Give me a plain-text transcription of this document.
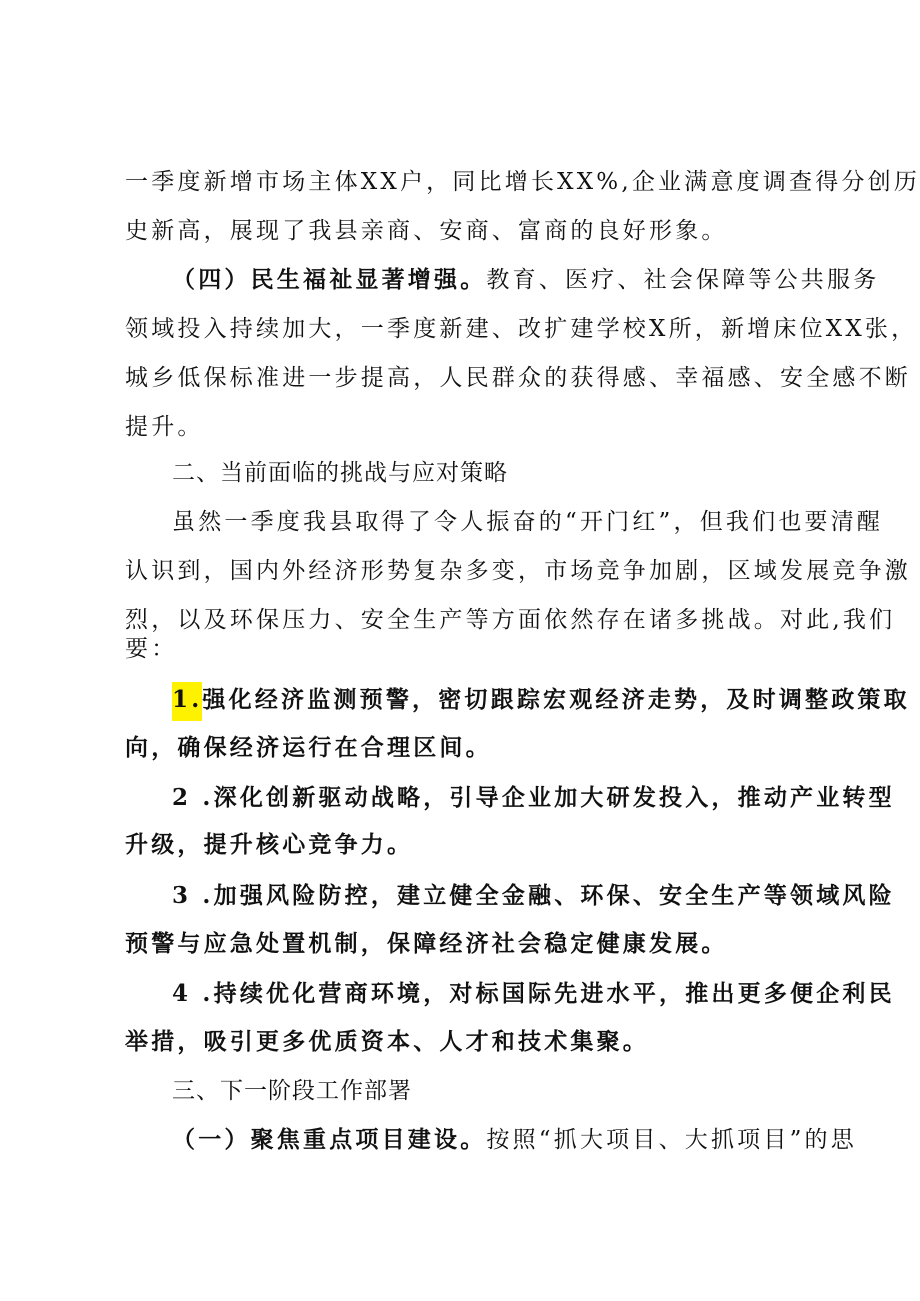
一季度新增市场主体XX户，同比增长XX%,企业满意度调查得分创历
史新高，展现了我县亲商、安商、富商的良好形象。
（四）民生福祉显著增强。教育、医疗、社会保障等公共服务
领域投入持续加大，一季度新建、改扩建学校X所，新增床位XX张，
城乡低保标准进一步提高，人民群众的获得感、幸福感、安全感不断
提升。
二、当前面临的挑战与应对策略
虽然一季度我县取得了令人振奋的“开门红”，但我们也要清醒
认识到，国内外经济形势复杂多变，市场竞争加剧，区域发展竞争激
烈，以及环保压力、安全生产等方面依然存在诸多挑战。对此,我们
要：
1.强化经济监测预警，密切跟踪宏观经济走势，及时调整政策取
向，确保经济运行在合理区间。
2 .深化创新驱动战略，引导企业加大研发投入，推动产业转型
升级，提升核心竞争力。
3 .加强风险防控，建立健全金融、环保、安全生产等领域风险
预警与应急处置机制，保障经济社会稳定健康发展。
4 .持续优化营商环境，对标国际先进水平，推出更多便企利民
举措，吸引更多优质资本、人才和技术集聚。
三、下一阶段工作部署
（一）聚焦重点项目建设。按照“抓大项目、大抓项目”的思
